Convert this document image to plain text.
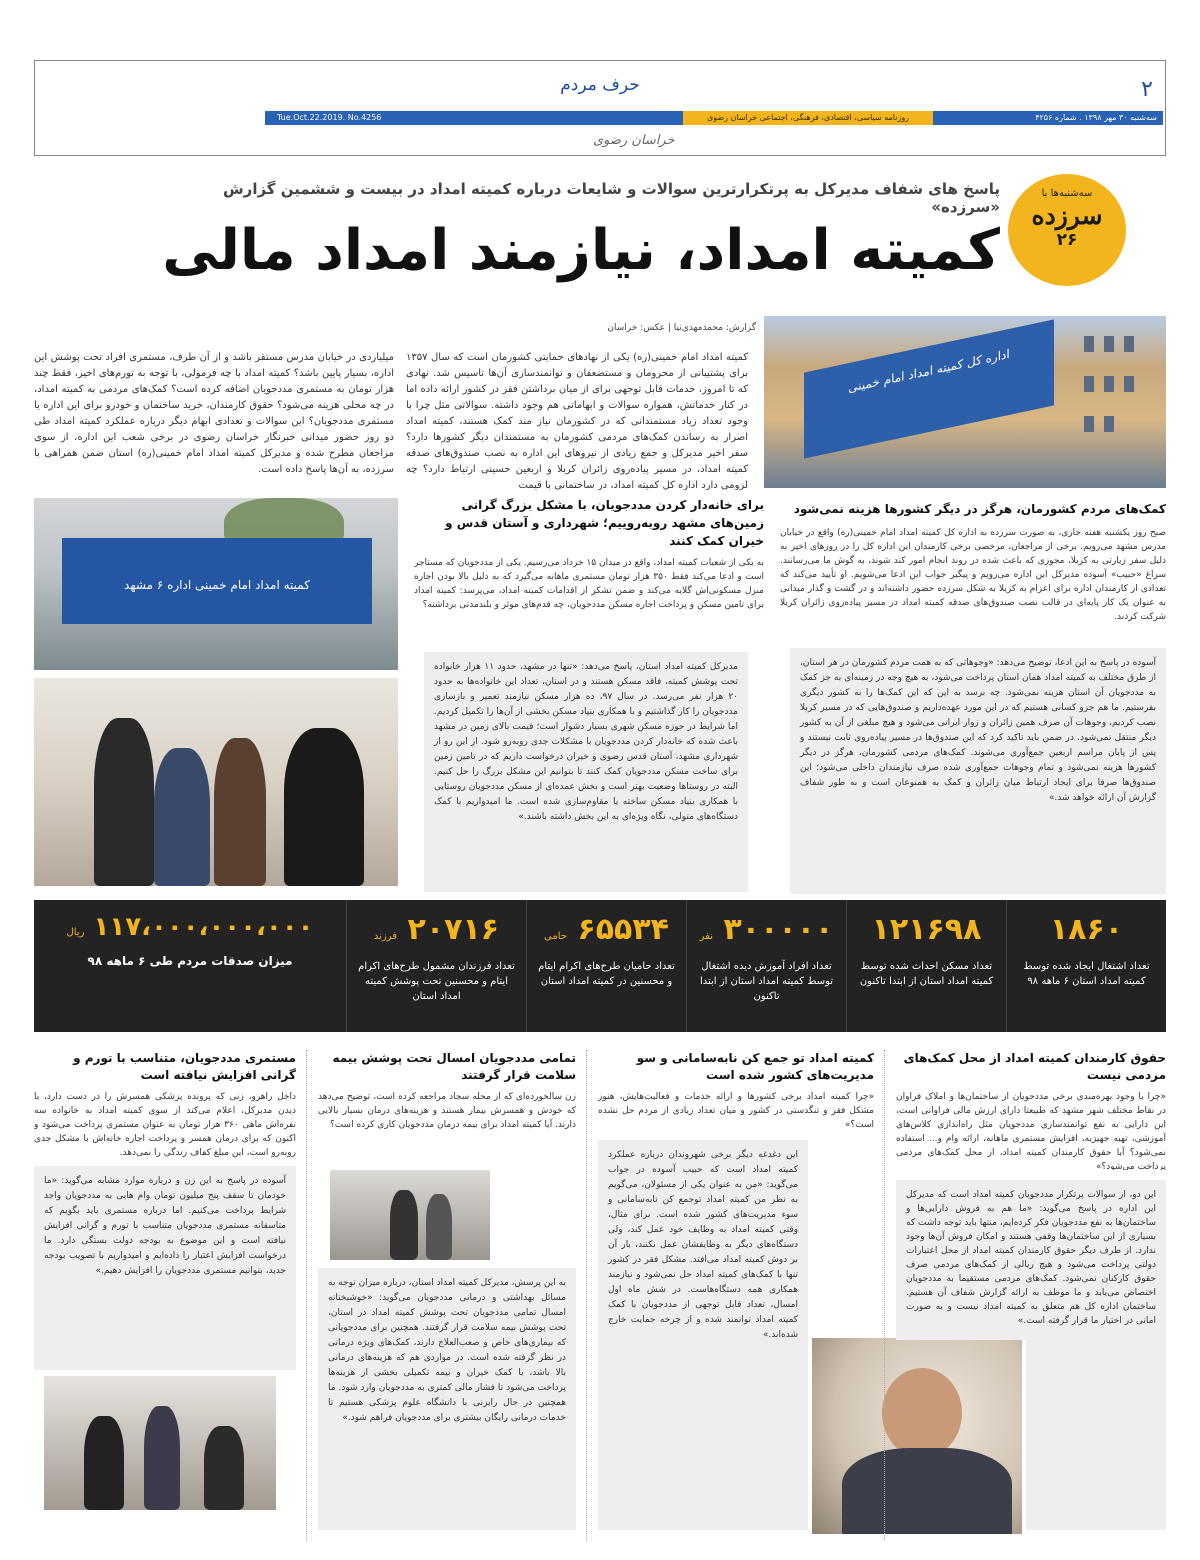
۲
حرف مردم
روزنامه سیاسی، اقتصادی، فرهنگی، اجتماعی خراسان رضوی	سه‌شنبه ۳۰ مهر ۱۳۹۸ . شماره ۴۲۵۶
Tue.Oct.22.2019. No.4256
خراسان رضوی
سه‌شنبه‌ها با
سرزده
۲۶
پاسخ های شفاف مدیرکل به پرتکرارترین سوالات و شایعات درباره کمیته امداد در بیست و ششمین گزارش «سرزده»
کمیته امداد، نیازمند امداد مالی
گزارش: محمدمهدی‌نیا | عکس: خراسان
اداره کل کمیته امداد امام خمینی
کمیته امداد امام خمینی اداره ۶ مشهد
کمیته امداد امام خمینی(ره) یکی از نهادهای حمایتی کشورمان است که سال ۱۳۵۷ برای پشتیبانی از محرومان و مستضعفان و توانمندسازی آن‌ها تاسیس شد. نهادی که تا امروز، خدمات قابل توجهی برای از میان برداشتن فقر در کشور ارائه داده اما در کنار خدماتش، همواره سوالات و ابهاماتی هم وجود داشته. سوالاتی مثل چرا با وجود تعداد زیاد مستمندانی که در کشورمان نیاز مند کمک هستند، کمیته امداد اصرار به رساندن کمک‌های مردمی کشورمان به مستمندان دیگر کشورها دارد؟ سفر اخیر مدیرکل و جمع زیادی از نیروهای این اداره به نصب صندوق‌های صدقه کمیته امداد، در مسیر پیاده‌روی زائران کربلا و اربعین حسینی ارتباط دارد؟ چه لزومی دارد اداره کل کمیته امداد، در ساختمانی با قیمت
میلیاردی در خیابان مدرس مستقر باشد و از آن طرف، مستمری افراد تحت پوشش این اداره، بسیار پایین باشد؟ کمیته امداد با چه فرمولی، با توجه به تورم‌های اخیر، فقط چند هزار تومان به مستمری مددجویان اضافه کرده است؟ کمک‌های مردمی به کمیته امداد، در چه محلی هزینه می‌شود؟ حقوق کارمندان، خرید ساختمان و خودرو برای این اداره یا مستمری مددجویان؟ این سوالات و تعدادی ابهام دیگر درباره عملکرد کمیته امداد طی دو روز حضور میدانی خبرنگار خراسان رضوی در برخی شعب این اداره، از سوی مراجعان مطرح شده و مدیرکل کمیته امداد امام خمینی(ره) استان ضمن همراهی با سرزده، به آن‌ها پاسخ داده است.
کمک‌های مردم کشورمان، هرگز در دیگر کشورها هزینه نمی‌شود
صبح روز یکشنبه هفته جاری، به صورت سرزده به اداره کل کمیته امداد امام خمینی(ره) واقع در خیابان مدرس مشهد می‌رویم. برخی از مراجعان، مرخصی برخی کارمندان این اداره کل را در روزهای اخیر به دلیل سفر زیارتی به کربلا، مجوزی که باعث شده در روند انجام امور کند شوند، به گوش ما می‌رسانند. سراغ «حبیب» آسوده مدیرکل این اداره می‌رویم و پیگیر جواب این ادعا می‌شویم. او تأیید می‌کند که تعدادی از کارمندان اداره برای اعزام به کربلا به شکل سرزده حضور داشته‌اند و در گشت و گذار میدانی به عنوان یک کار پایه‌ای در قالب نصب صندوق‌های صدقه کمیته امداد در مسیر پیاده‌روی زائران کربلا شرکت کردند.
آسوده در پاسخ به این ادعا، توضیح می‌دهد: «وجوهاتی که به همت مردم کشورمان در هر استان، از طرق مختلف به کمیته امداد همان استان پرداخت می‌شود، به هیچ وجه در زمینه‌ای به جز کمک به مددجویان آن استان هزینه نمی‌شود. چه برسد به این که این کمک‌ها را به کشور دیگری بفرستیم. ما هم جزو کسانی هستیم که در این مورد عهده‌داریم و صندوق‌هایی که در مسیر کربلا نصب کردیم، وجوهات آن صرف همین زائران و زوار ایرانی می‌شود و هیچ مبلغی از آن به کشور دیگر منتقل نمی‌شود. در ضمن باید تاکید کرد که این صندوق‌ها در مسیر پیاده‌روی ثابت نیستند و پس از پایان مراسم اربعین جمع‌آوری می‌شوند. کمک‌های مردمی کشورمان، هرگز در دیگر کشورها هزینه نمی‌شود و تمام وجوهات جمع‌آوری شده صرف نیازمندان داخلی می‌شود؛ این صندوق‌ها صرفا برای ایجاد ارتباط میان زائران و کمک به همنوعان است و به طور شفاف گزارش آن ارائه خواهد شد.»
برای خانه‌دار کردن مددجویان، با مشکل بزرگ گرانی زمین‌های مشهد روبه‌روییم؛ شهرداری و آستان قدس و خیران کمک کنند
به یکی از شعبات کمیته امداد، واقع در میدان ۱۵ خرداد می‌رسیم. یکی از مددجویان که مستاجر است و ادعا می‌کند فقط ۳۵۰ هزار تومان مستمری ماهانه می‌گیرد که به دلیل بالا بودن اجاره منزل مسکونی‌اش گلایه می‌کند و ضمن تشکر از اقدامات کمیته امداد، می‌پرسد: کمیته امداد برای تامین مسکن و پرداخت اجاره مسکن مددجویان، چه قدم‌های موثر و بلندمدتی برداشته؟
مدیرکل کمیته امداد استان، پاسخ می‌دهد: «تنها در مشهد، حدود ۱۱ هزار خانواده تحت پوشش کمیته، فاقد مسکن هستند و در استان، تعداد این خانواده‌ها به حدود ۲۰ هزار نفر می‌رسد. در سال ۹۷، ده هزار مسکن نیازمند تعمیر و بازسازی مددجویان را کار گذاشتیم و با همکاری بنیاد مسکن بخشی از آن‌ها را تکمیل کردیم. اما شرایط در حوزه مسکن شهری بسیار دشوار است؛ قیمت بالای زمین در مشهد باعث شده که خانه‌دار کردن مددجویان با مشکلات جدی روبه‌رو شود. از این رو از شهرداری مشهد، آستان قدس رضوی و خیران درخواست داریم که در تامین زمین برای ساخت مسکن مددجویان کمک کنند تا بتوانیم این مشکل بزرگ را حل کنیم. البته در روستاها وضعیت بهتر است و بخش عمده‌ای از مسکن مددجویان روستایی با همکاری بنیاد مسکن ساخته یا مقاوم‌سازی شده است. ما امیدواریم با کمک دستگاه‌های متولی، نگاه ویژه‌ای به این بخش داشته باشند.»
۱۸۶۰
تعداد اشتغال ایجاد شده توسط کمیته امداد استان ۶ ماهه ۹۸
۱۲۱۶۹۸
تعداد مسکن احداث شده توسط کمیته امداد استان از ابتدا تاکنون
۳۰۰۰۰۰ نفر
تعداد افراد آموزش دیده اشتغال توسط کمیته امداد استان از ابتدا تاکنون
۶۵۵۳۴ حامی
تعداد حامیان طرح‌های اکرام ایتام و محسنین در کمیته امداد استان
۲۰۷۱۶ فرزند
تعداد فرزندان مشمول طرح‌های اکرام ایتام و محسنین تحت پوشش کمیته امداد استان
۱۱۷،۰۰۰،۰۰۰،۰۰۰ ریال
میزان صدقات مردم طی ۶ ماهه ۹۸
حقوق کارمندان کمیته امداد از محل کمک‌های مردمی نیست
«چرا با وجود بهره‌مندی برخی مددجویان از ساختمان‌ها و املاک فراوان در نقاط مختلف شهر مشهد که طبیعتا دارای ارزش مالی فراوانی است، این دارایی به نفع توانمندسازی مددجویان مثل راه‌اندازی کلاس‌های آموزشی، تهیه جهیزیه، افزایش مستمری ماهانه، ارائه وام و... استفاده نمی‌شود؟ آیا حقوق کارمندان کمیته امداد، از محل کمک‌های مردمی پرداخت می‌شود؟»
این دو، از سوالات پرتکرار مددجویان کمیته امداد است که مدیرکل این اداره در پاسخ می‌گوید: «ما هم به فروش دارایی‌ها و ساختمان‌ها به نفع مددجویان فکر کرده‌ایم، منتها باید توجه داشت که بسیاری از این ساختمان‌ها وقفی هستند و امکان فروش آن‌ها وجود ندارد. از طرف دیگر حقوق کارمندان کمیته امداد از محل اعتبارات دولتی پرداخت می‌شود و هیچ ریالی از کمک‌های مردمی صرف حقوق کارکنان نمی‌شود. کمک‌های مردمی مستقیما به مددجویان اختصاص می‌یابد و ما موظف به ارائه گزارش شفاف آن هستیم. ساختمان اداره کل هم متعلق به کمیته امداد نیست و به صورت امانی در اختیار ما قرار گرفته است.»
کمیته امداد تو جمع کن نابه‌سامانی و سو مدیریت‌های کشور شده است
«چرا کمیته امداد برخی کشورها و ارائه خدمات و فعالیت‌هایش، هنوز مشکل فقر و تنگدستی در کشور و میان تعداد زیادی از مردم حل نشده است؟»
این دغدغه دیگر برخی شهروندان درباره عملکرد کمیته امداد است که حبیب آسوده در جواب می‌گوید: «من به عنوان یکی از مسئولان، می‌گویم به نظر من کمیته امداد توجمع کن نابه‌سامانی و سوء مدیریت‌های کشور شده است. برای مثال، وقتی کمیته امداد به وظایف خود عمل کند، ولی دستگاه‌های دیگر به وظایفشان عمل نکنند، بار آن بر دوش کمیته امداد می‌افتد. مشکل فقر در کشور تنها با کمک‌های کمیته امداد حل نمی‌شود و نیازمند همکاری همه دستگاه‌هاست. در شش ماه اول امسال، تعداد قابل توجهی از مددجویان با کمک کمیته امداد توانمند شده و از چرخه حمایت خارج شده‌اند.»
تمامی مددجویان امسال تحت پوشش بیمه سلامت قرار گرفتند
زن سالخورده‌ای که از محله سجاد مراجعه کرده است، توضیح می‌دهد که خودش و همسرش بیمار هستند و هزینه‌های درمان بسیار بالایی دارند. آیا کمیته امداد برای بیمه درمان مددجویان کاری کرده است؟
به این پرسش، مدیرکل کمیته امداد استان، درباره میزان توجه به مسائل بهداشتی و درمانی مددجویان می‌گوید: «خوشبختانه امسال تمامی مددجویان تحت پوشش کمیته امداد در استان، تحت پوشش بیمه سلامت قرار گرفتند. همچنین برای مددجویانی که بیماری‌های خاص و صعب‌العلاج دارند، کمک‌های ویژه درمانی در نظر گرفته شده است. در مواردی هم که هزینه‌های درمانی بالا باشد، با کمک خیران و بیمه تکمیلی بخشی از هزینه‌ها پرداخت می‌شود تا فشار مالی کمتری به مددجویان وارد شود. ما همچنین در حال رایزنی با دانشگاه علوم پزشکی هستیم تا خدمات درمانی رایگان بیشتری برای مددجویان فراهم شود.»
مستمری مددجویان، متناسب با تورم و گرانی افزایش نیافته است
داخل راهرو، زنی که پرونده پزشکی همسرش را در دست دارد، با دیدن مدیرکل، اعلام می‌کند از سوی کمیته امداد به خانواده سه نفره‌اش ماهی ۳۶۰ هزار تومان به عنوان مستمری پرداخت می‌شود و اکنون که برای درمان همسر و پرداخت اجاره خانه‌اش با مشکل جدی روبه‌رو است، این مبلغ کفاف زندگی را نمی‌دهد.
آسوده در پاسخ به این زن و درباره موارد مشابه می‌گوید: «ما خودمان تا سقف پنج میلیون تومان وام هایی به مددجویان واجد شرایط پرداخت می‌کنیم. اما درباره مستمری باید بگویم که متاسفانه مستمری مددجویان متناسب با تورم و گرانی افزایش نیافته است و این موضوع به بودجه دولت بستگی دارد. ما درخواست افزایش اعتبار را داده‌ایم و امیدواریم با تصویب بودجه جدید، بتوانیم مستمری مددجویان را افزایش دهیم.»
